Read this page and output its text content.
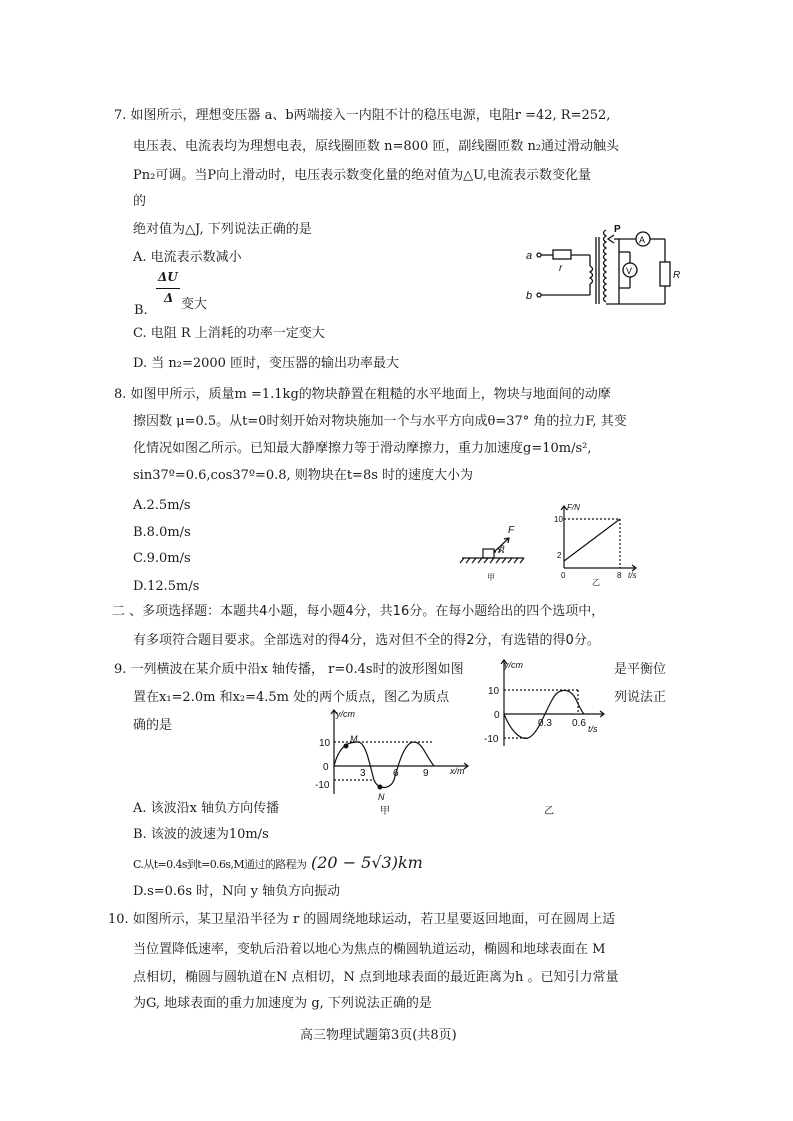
7. 如图所示，理想变压器 a、b两端接入一内阻不计的稳压电源，电阻r =42, R=252,
电压表、电流表均为理想电表，原线圈匝数 n=800 匝，副线圈匝数 n₂通过滑动触头
Pn₂可调。当P向上滑动时，电压表示数变化量的绝对值为△U,电流表示数变化量
的
绝对值为△J, 下列说法正确的是
A. 电流表示数减小
ΔU
Δ
B.	变大
C. 电阻 R 上消耗的功率一定变大
D. 当 n₂=2000 匝时，变压器的输出功率最大
a
b
r
P
A
V	R
8. 如图甲所示，质量m =1.1kg的物块静置在粗糙的水平地面上，物块与地面间的动摩
擦因数 μ=0.5。从t=0时刻开始对物块施加一个与水平方向成θ=37° 角的拉力F, 其变
化情况如图乙所示。已知最大静摩擦力等于滑动摩擦力，重力加速度g=10m/s²,
sin37º=0.6,cos37º=0.8, 则物块在t=8s 时的速度大小为
A.2.5m/s
B.8.0m/s
C.9.0m/s
D.12.5m/s
F
θ
甲
F/N
t/s
10
2
0	8
乙
二 、多项选择题：本题共4小题，每小题4分，共16分。在每小题给出的四个选项中，
有多项符合题目要求。全部选对的得4分，选对但不全的得2分，有选错的得0分。
9. 一列横波在某介质中沿x 轴传播， r=0.4s时的波形图如图	是平衡位
置在x₁=2.0m 和x₂=4.5m 处的两个质点，图乙为质点	列说法正
确的是
y/cm
x/m
10
0
-10
3	6 9
M
N
甲
y/cm
t/s
10
0
-10
0.3 0.6
乙
A. 该波沿x 轴负方向传播
B. 该波的波速为10m/s
C.从t=0.4s到t=0.6s,M通过的路程为 (20 − 5√3)km
D.s=0.6s 时，N向 y 轴负方向振动
10. 如图所示，某卫星沿半径为 r 的圆周绕地球运动，若卫星要返回地面，可在圆周上适
当位置降低速率，变轨后沿着以地心为焦点的椭圆轨道运动，椭圆和地球表面在 M
点相切，椭圆与圆轨道在N 点相切，N 点到地球表面的最近距离为h 。已知引力常量
为G, 地球表面的重力加速度为 g, 下列说法正确的是
高三物理试题第3页(共8页)
